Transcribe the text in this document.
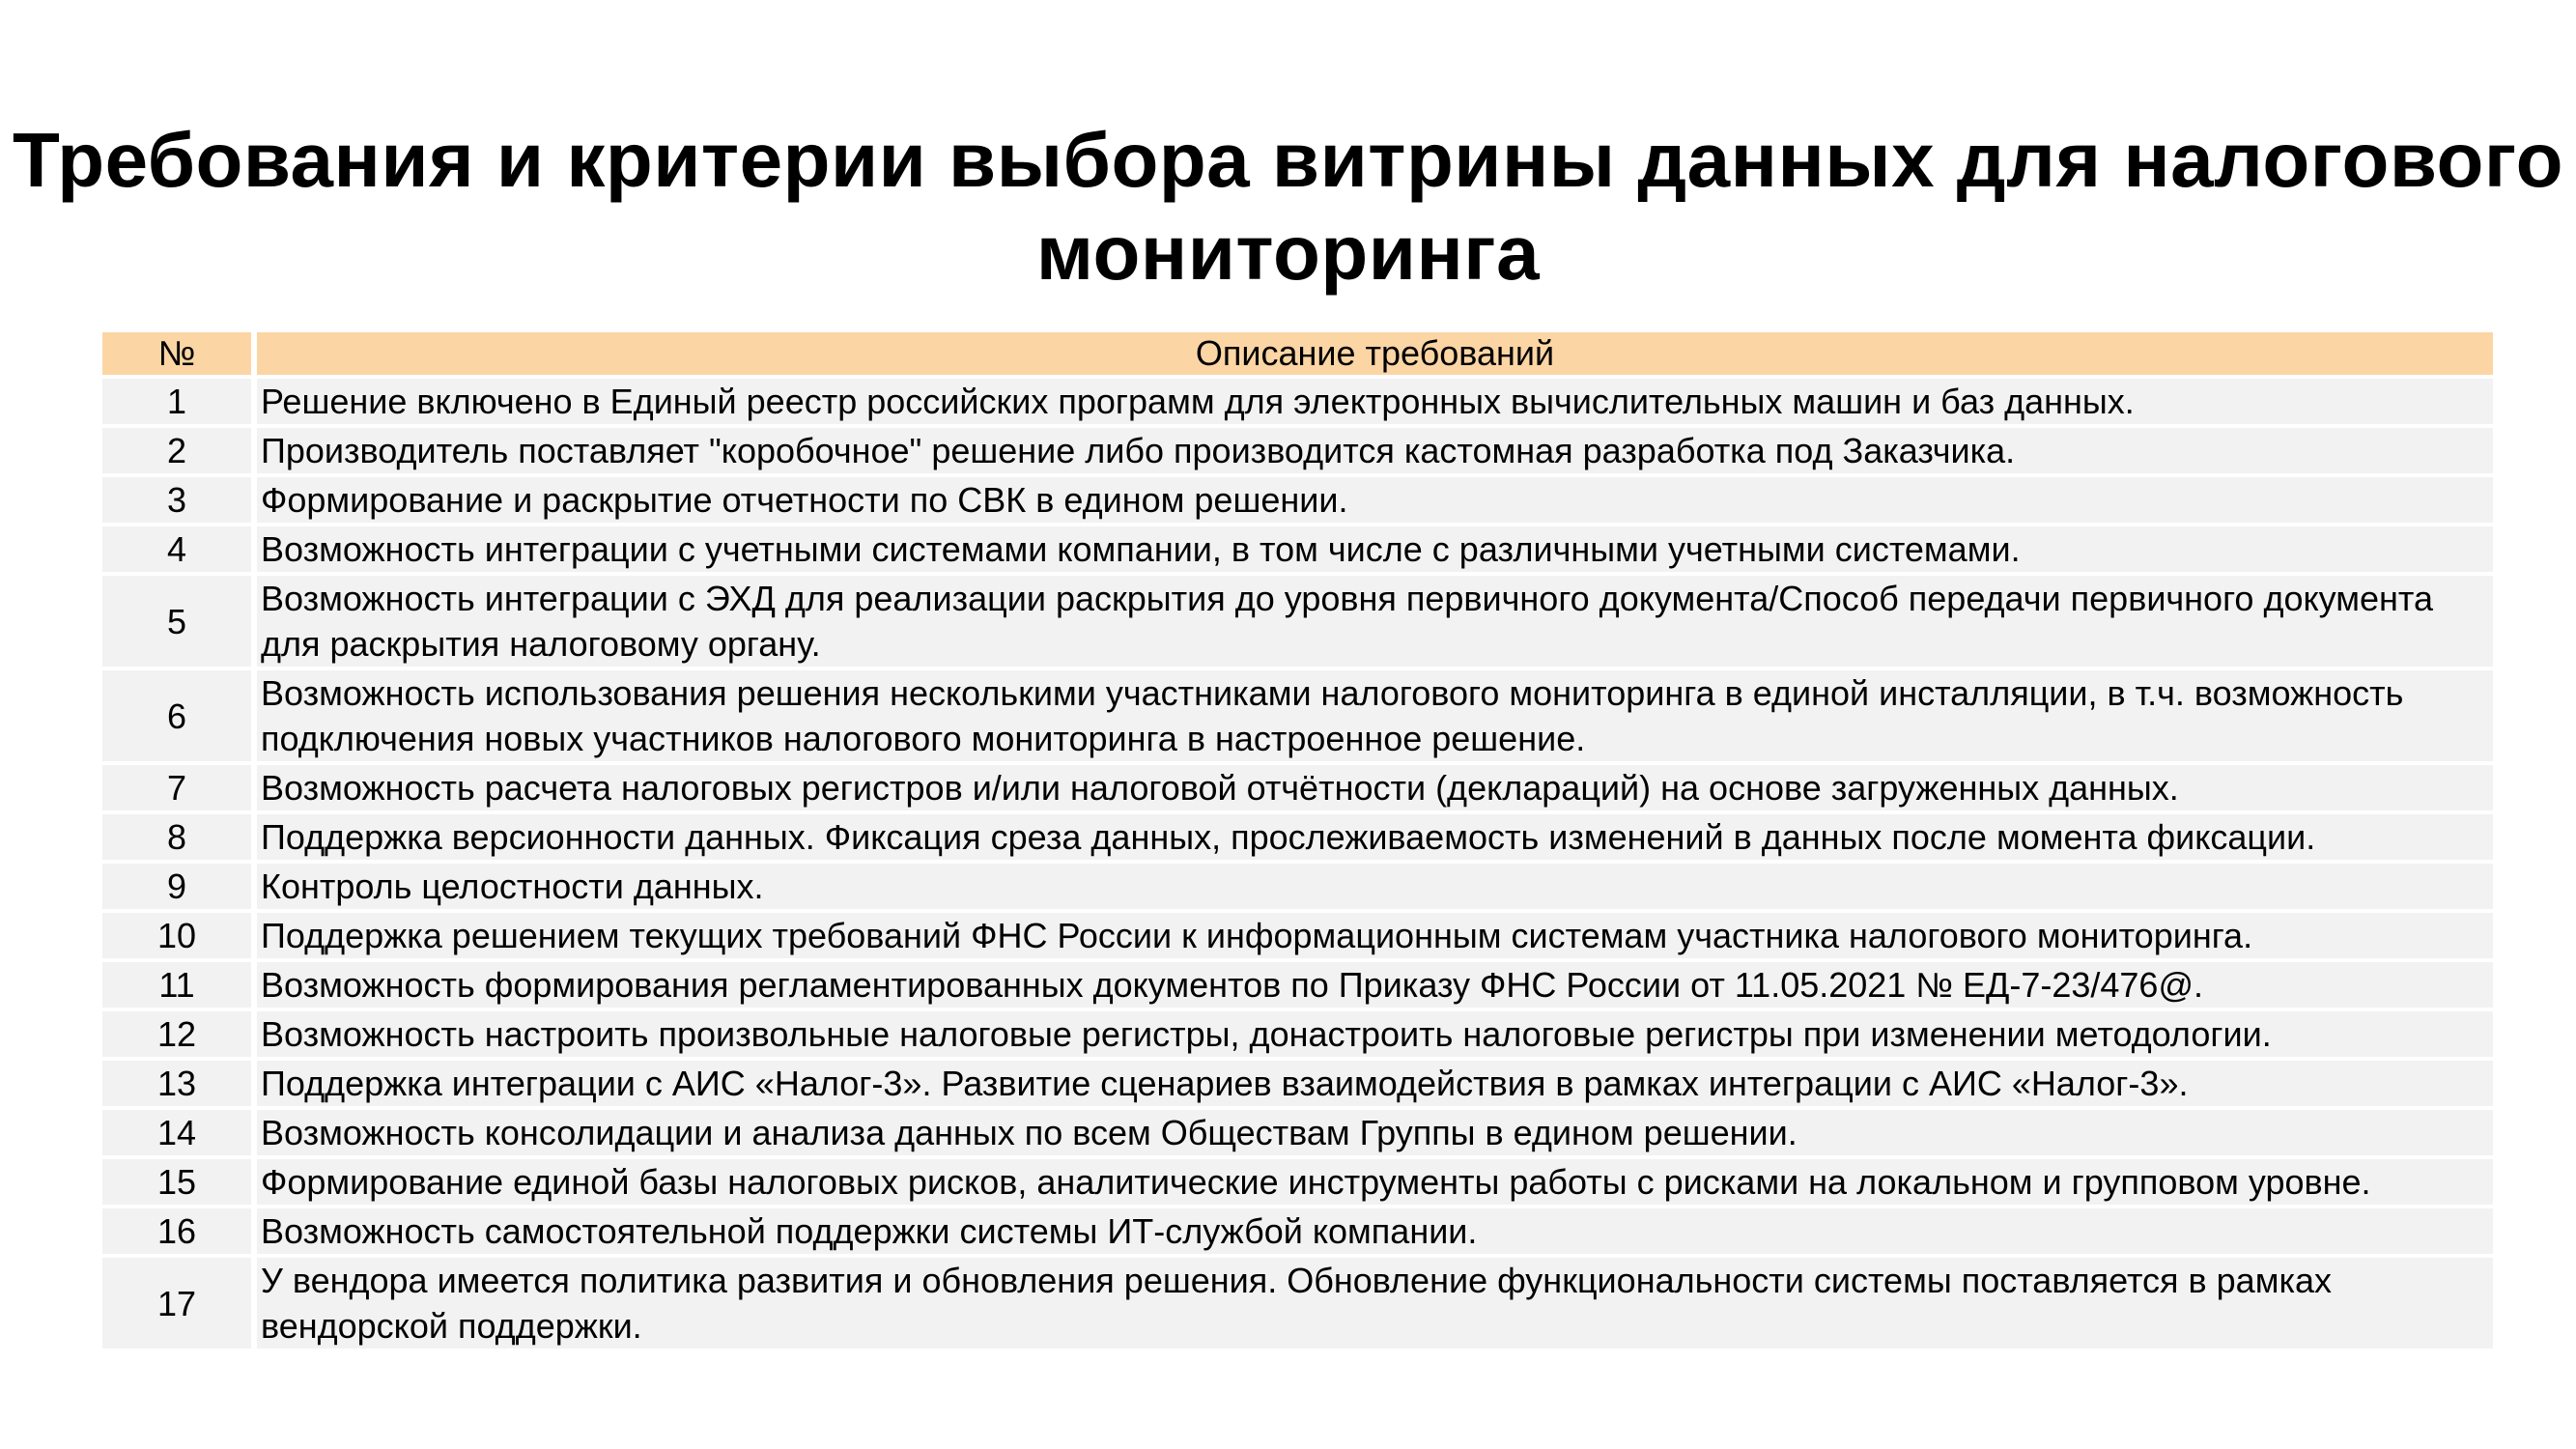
Требования и критерии выбора витрины данных для налогового мониторинга
№	Описание требований
1	Решение включено в Единый реестр российских программ для электронных вычислительных машин и баз данных.
2	Производитель поставляет "коробочное" решение либо производится кастомная разработка под Заказчика.
3	Формирование и раскрытие отчетности по СВК в едином решении.
4	Возможность интеграции с учетными системами компании, в том числе с различными учетными системами.
5	Возможность интеграции с ЭХД для реализации раскрытия до уровня первичного документа/Способ передачи первичного документа для раскрытия налоговому органу.
6	Возможность использования решения несколькими участниками налогового мониторинга в единой инсталляции, в т.ч. возможность подключения новых участников налогового мониторинга в настроенное решение.
7	Возможность расчета налоговых регистров и/или налоговой отчётности (деклараций) на основе загруженных данных.
8	Поддержка версионности данных. Фиксация среза данных, прослеживаемость изменений в данных после момента фиксации.
9	Контроль целостности данных.
10	Поддержка решением текущих требований ФНС России к информационным системам участника налогового мониторинга.
11	Возможность формирования регламентированных документов по Приказу ФНС России от 11.05.2021 № ЕД-7-23/476@.
12	Возможность настроить произвольные налоговые регистры, донастроить налоговые регистры при изменении методологии.
13	Поддержка интеграции с АИС «Налог-3». Развитие сценариев взаимодействия в рамках интеграции с АИС «Налог-3».
14	Возможность консолидации и анализа данных по всем Обществам Группы в едином решении.
15	Формирование единой базы налоговых рисков, аналитические инструменты работы с рисками на локальном и групповом уровне.
16	Возможность самостоятельной поддержки системы ИТ-службой компании.
17	У вендора имеется политика развития и обновления решения. Обновление функциональности системы поставляется в рамках вендорской поддержки.
